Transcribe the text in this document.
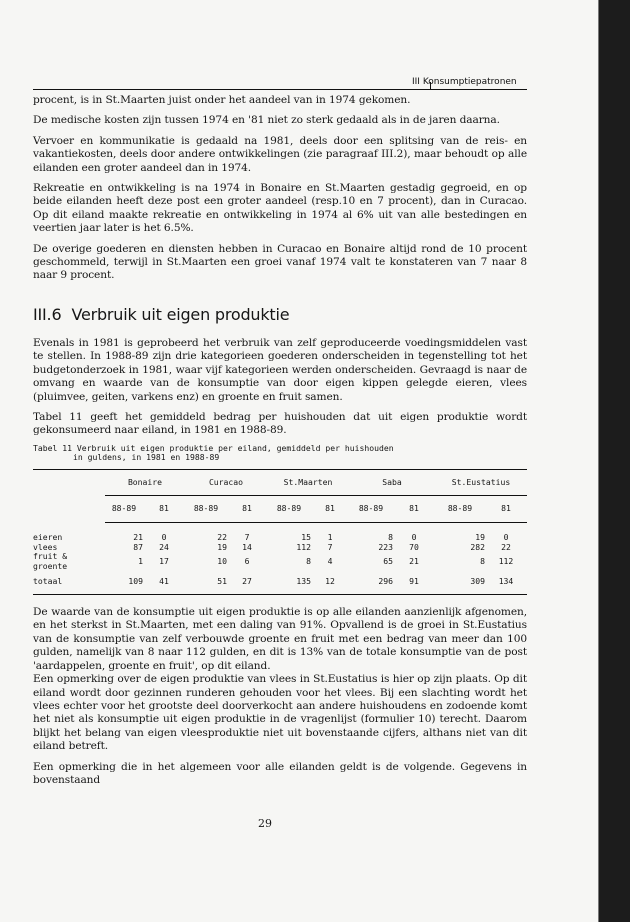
III Konsumptiepatronen

procent, is in St.Maarten juist onder het aandeel van in 1974 gekomen.

De medische kosten zijn tussen 1974 en '81 niet zo sterk gedaald als in de jaren daarna.

Vervoer en kommunikatie is gedaald na 1981, deels door een splitsing van de reis- en vakantiekosten, deels door andere ontwikkelingen (zie paragraaf III.2), maar behoudt op alle eilanden een groter aandeel dan in 1974.

Rekreatie en ontwikkeling is na 1974 in Bonaire en St.Maarten gestadig gegroeid, en op beide eilanden heeft deze post een groter aandeel (resp.10 en 7 procent), dan in Curacao. Op dit eiland maakte rekreatie en ontwikkeling in 1974 al 6% uit van alle bestedingen en veertien jaar later is het 6.5%.

De overige goederen en diensten hebben in Curacao en Bonaire altijd rond de 10 procent geschommeld, terwijl in St.Maarten een groei vanaf 1974 valt te konstateren van 7 naar 8 naar 9 procent.

III.6 Verbruik uit eigen produktie

Evenals in 1981 is geprobeerd het verbruik van zelf geproduceerde voedingsmiddelen vast te stellen. In 1988-89 zijn drie kategorieen goederen onderscheiden in tegenstelling tot het budgetonderzoek in 1981, waar vijf kategorieen werden onderscheiden. Gevraagd is naar de omvang en waarde van de konsumptie van door eigen kippen gelegde eieren, vlees (pluimvee, geiten, varkens enz) en groente en fruit samen.

Tabel 11 geeft het gemiddeld bedrag per huishouden dat uit eigen produktie wordt gekonsumeerd naar eiland, in 1981 en 1988-89.

Tabel 11 Verbruik uit eigen produktie per eiland, gemiddeld per huishouden
in guldens, in 1981 en 1988-89

	Bonaire		Curacao		St.Maarten		Saba		St.Eustatius	

	88-89	81	88-89	81	88-89	81	88-89	81	88-89	81

eieren	21	0	22	7	15	1	8	0	19	0
vlees	87	24	19	14	112	7	223	70	282	22
fruit & groente	1	17	10	6	8	4	65	21	8	112
totaal	109	41	51	27	135	12	296	91	309	134

De waarde van de konsumptie uit eigen produktie is op alle eilanden aanzienlijk afgenomen, en het sterkst in St.Maarten, met een daling van 91%. Opvallend is de groei in St.Eustatius van de konsumptie van zelf verbouwde groente en fruit met een bedrag van meer dan 100 gulden, namelijk van 8 naar 112 gulden, en dit is 13% van de totale konsumptie van de post 'aardappelen, groente en fruit', op dit eiland.

Een opmerking over de eigen produktie van vlees in St.Eustatius is hier op zijn plaats. Op dit eiland wordt door gezinnen runderen gehouden voor het vlees. Bij een slachting wordt het vlees echter voor het grootste deel doorverkocht aan andere huishoudens en zodoende komt het niet als konsumptie uit eigen produktie in de vragenlijst (formulier 10) terecht. Daarom blijkt het belang van eigen vleesproduktie niet uit bovenstaande cijfers, althans niet van dit eiland betreft.

Een opmerking die in het algemeen voor alle eilanden geldt is de volgende. Gegevens in bovenstaand

29
